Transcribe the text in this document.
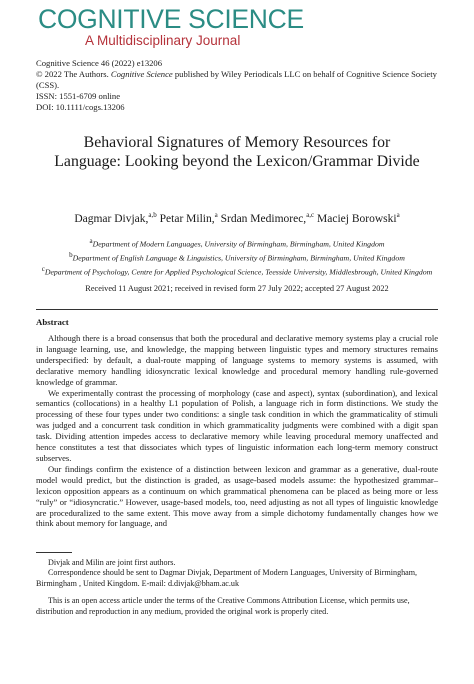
COGNITIVE SCIENCE
A Multidisciplinary Journal
Cognitive Science 46 (2022) e13206
© 2022 The Authors. Cognitive Science published by Wiley Periodicals LLC on behalf of Cognitive Science Society (CSS).
ISSN: 1551-6709 online
DOI: 10.1111/cogs.13206
Behavioral Signatures of Memory Resources for
Language: Looking beyond the Lexicon/Grammar Divide
Dagmar Divjak,$^{a,b}$ Petar Milin,$^a$ Srdan Medimorec,$^{a,c}$ Maciej Borowski$^a$
$^a$Department of Modern Languages, University of Birmingham, Birmingham, United Kingdom
$^b$Department of English Language & Linguistics, University of Birmingham, Birmingham, United Kingdom
$^c$Department of Psychology, Centre for Applied Psychological Science, Teesside University, Middlesbrough, United Kingdom
Received 11 August 2021; received in revised form 27 July 2022; accepted 27 August 2022
Abstract

Although there is a broad consensus that both the procedural and declarative memory systems play a crucial role in language learning, use, and knowledge, the mapping between linguistic types and memory structures remains underspecified: by default, a dual-route mapping of language systems to memory systems is assumed, with declarative memory handling idiosyncratic lexical knowledge and procedural memory handling rule-governed knowledge of grammar.

We experimentally contrast the processing of morphology (case and aspect), syntax (subordination), and lexical semantics (collocations) in a healthy L1 population of Polish, a language rich in form distinctions. We study the processing of these four types under two conditions: a single task condition in which the grammaticality of stimuli was judged and a concurrent task condition in which grammaticality judgments were combined with a digit span task. Dividing attention impedes access to declarative memory while leaving procedural memory unaffected and hence constitutes a test that dissociates which types of linguistic information each long-term memory construct subserves.

Our findings confirm the existence of a distinction between lexicon and grammar as a generative, dual-route model would predict, but the distinction is graded, as usage-based models assume: the hypothesized grammar–lexicon opposition appears as a continuum on which grammatical phenomena can be placed as being more or less “ruly” or “idiosyncratic.” However, usage-based models, too, need adjusting as not all types of linguistic knowledge are proceduralized to the same extent. This move away from a simple dichotomy fundamentally changes how we think about memory for language, and

Divjak and Milin are joint first authors.

Correspondence should be sent to Dagmar Divjak, Department of Modern Languages, University of Birmingham, Birmingham , United Kingdom. E-mail: d.divjak@bham.ac.uk

This is an open access article under the terms of the Creative Commons Attribution License, which permits use, distribution and reproduction in any medium, provided the original work is properly cited.
